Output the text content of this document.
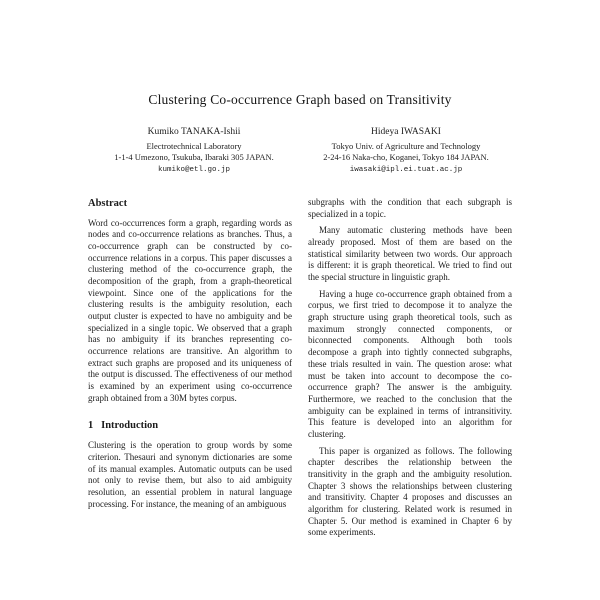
Clustering Co-occurrence Graph based on Transitivity
Kumiko TANAKA-Ishii
Electrotechnical Laboratory
1-1-4 Umezono, Tsukuba, Ibaraki 305 JAPAN.
kumiko@etl.go.jp
Hideya IWASAKI
Tokyo Univ. of Agriculture and Technology
2-24-16 Naka-cho, Koganei, Tokyo 184 JAPAN.
iwasaki@ipl.ei.tuat.ac.jp
Abstract

Word co-occurrences form a graph, regarding words as nodes and co-occurrence relations as branches. Thus, a co-occurrence graph can be constructed by co-occurrence relations in a corpus. This paper discusses a clustering method of the co-occurrence graph, the decomposition of the graph, from a graph-theoretical viewpoint. Since one of the applications for the clustering results is the ambiguity resolution, each output cluster is expected to have no ambiguity and be specialized in a single topic. We observed that a graph has no ambiguity if its branches representing co-occurrence relations are transitive. An algorithm to extract such graphs are proposed and its uniqueness of the output is discussed. The effectiveness of our method is examined by an experiment using co-occurrence graph obtained from a 30M bytes corpus.

1   Introduction

Clustering is the operation to group words by some criterion. Thesauri and synonym dictionaries are some of its manual examples. Automatic outputs can be used not only to revise them, but also to aid ambiguity resolution, an essential problem in natural language processing. For instance, the meaning of an ambiguous

subgraphs with the condition that each subgraph is specialized in a topic.

Many automatic clustering methods have been already proposed. Most of them are based on the statistical similarity between two words. Our approach is different: it is graph theoretical. We tried to find out the special structure in linguistic graph.

Having a huge co-occurrence graph obtained from a corpus, we first tried to decompose it to analyze the graph structure using graph theoretical tools, such as maximum strongly connected components, or biconnected components. Although both tools decompose a graph into tightly connected subgraphs, these trials resulted in vain. The question arose: what must be taken into account to decompose the co-occurrence graph? The answer is the ambiguity. Furthermore, we reached to the conclusion that the ambiguity can be explained in terms of intransitivity. This feature is developed into an algorithm for clustering.

This paper is organized as follows. The following chapter describes the relationship between the transitivity in the graph and the ambiguity resolution. Chapter 3 shows the relationships between clustering and transitivity. Chapter 4 proposes and discusses an algorithm for clustering. Related work is resumed in Chapter 5. Our method is examined in Chapter 6 by some experiments.
